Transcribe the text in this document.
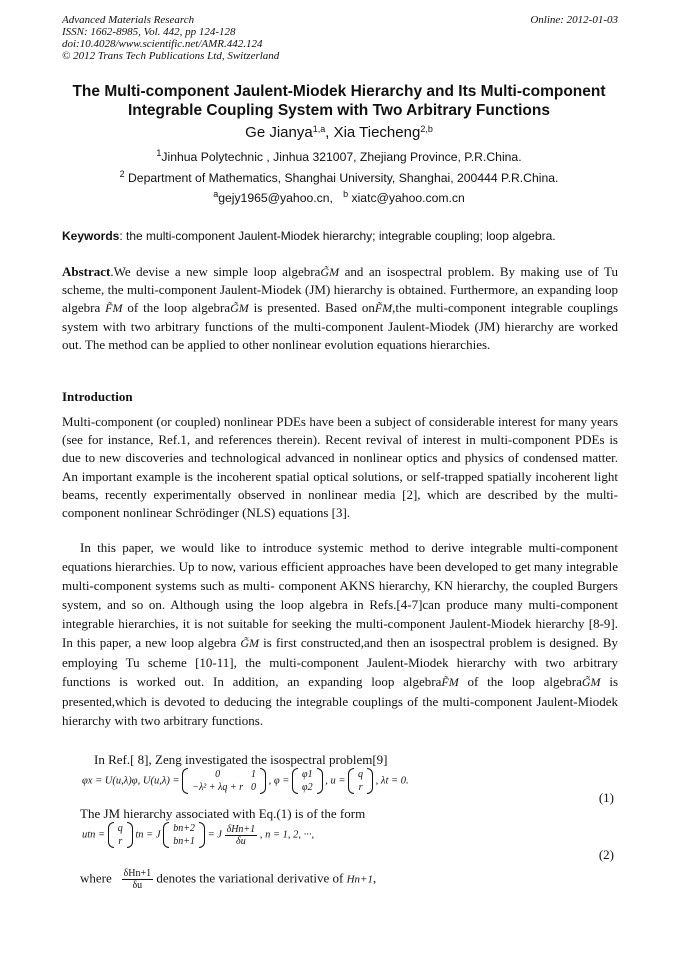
Advanced Materials Research
ISSN: 1662-8985, Vol. 442, pp 124-128
doi:10.4028/www.scientific.net/AMR.442.124
© 2012 Trans Tech Publications Ltd, Switzerland
Online: 2012-01-03
The Multi-component Jaulent-Miodek Hierarchy and Its Multi-component Integrable Coupling System with Two Arbitrary Functions
Ge Jianya$^{1,a}$, Xia Tiecheng$^{2,b}$
$^1$Jinhua Polytechnic , Jinhua 321007, Zhejiang Province, P.R.China.
$^2$ Department of Mathematics, Shanghai University, Shanghai, 200444 P.R.China.
$^a$gejy1965@yahoo.cn, $^b$ xiatc@yahoo.com.cn
Keywords: the multi-component Jaulent-Miodek hierarchy; integrable coupling; loop algebra.
Abstract.We devise a new simple loop algebraG̃M and an isospectral problem. By making use of Tu scheme, the multi-component Jaulent-Miodek (JM) hierarchy is obtained. Furthermore, an expanding loop algebra F̃M of the loop algebraG̃M is presented. Based onF̃M,the multi-component integrable couplings system with two arbitrary functions of the multi-component Jaulent-Miodek (JM) hierarchy are worked out. The method can be applied to other nonlinear evolution equations hierarchies.
Introduction
Multi-component (or coupled) nonlinear PDEs have been a subject of considerable interest for many years (see for instance, Ref.1, and references therein). Recent revival of interest in multi-component PDEs is due to new discoveries and technological advanced in nonlinear optics and physics of condensed matter. An important example is the incoherent spatial optical solutions, or self-trapped spatially incoherent light beams, recently experimentally observed in nonlinear media [2], which are described by the multi-component nonlinear Schrödinger (NLS) equations [3].
In this paper, we would like to introduce systemic method to derive integrable multi-component equations hierarchies. Up to now, various efficient approaches have been developed to get many integrable multi-component systems such as multi- component AKNS hierarchy, KN hierarchy, the coupled Burgers system, and so on. Although using the loop algebra in Refs.[4-7]can produce many multi-component integrable hierarchies, it is not suitable for seeking the multi-component Jaulent-Miodek hierarchy [8-9]. In this paper, a new loop algebra G̃M is first constructed,and then an isospectral problem is designed. By employing Tu scheme [10-11], the multi-component Jaulent-Miodek hierarchy with two arbitrary functions is worked out. In addition, an expanding loop algebraF̃M of the loop algebraG̃M is presented,which is devoted to deducing the integrable couplings of the multi-component Jaulent-Miodek hierarchy with two arbitrary functions.
In Ref.[ 8], Zeng investigated the isospectral problem[9]
φx = U(u,λ)φ, U(u,λ) =
0	1
−λ² + λq + r	0
, φ =
φ1
φ2
, u =
q
r
, λt = 0.
(1)
The JM hierarchy associated with Eq.(1) is of the form
utn =
q
r
tn = J
bn+2
bn+1
= J $\frac{\text{δHn+1}}{\delta u}$ , n = 1, 2, ···,
(2)
where $\frac{\text{δHn+1}}{\delta u}$ denotes the variational derivative of Hn+1,
